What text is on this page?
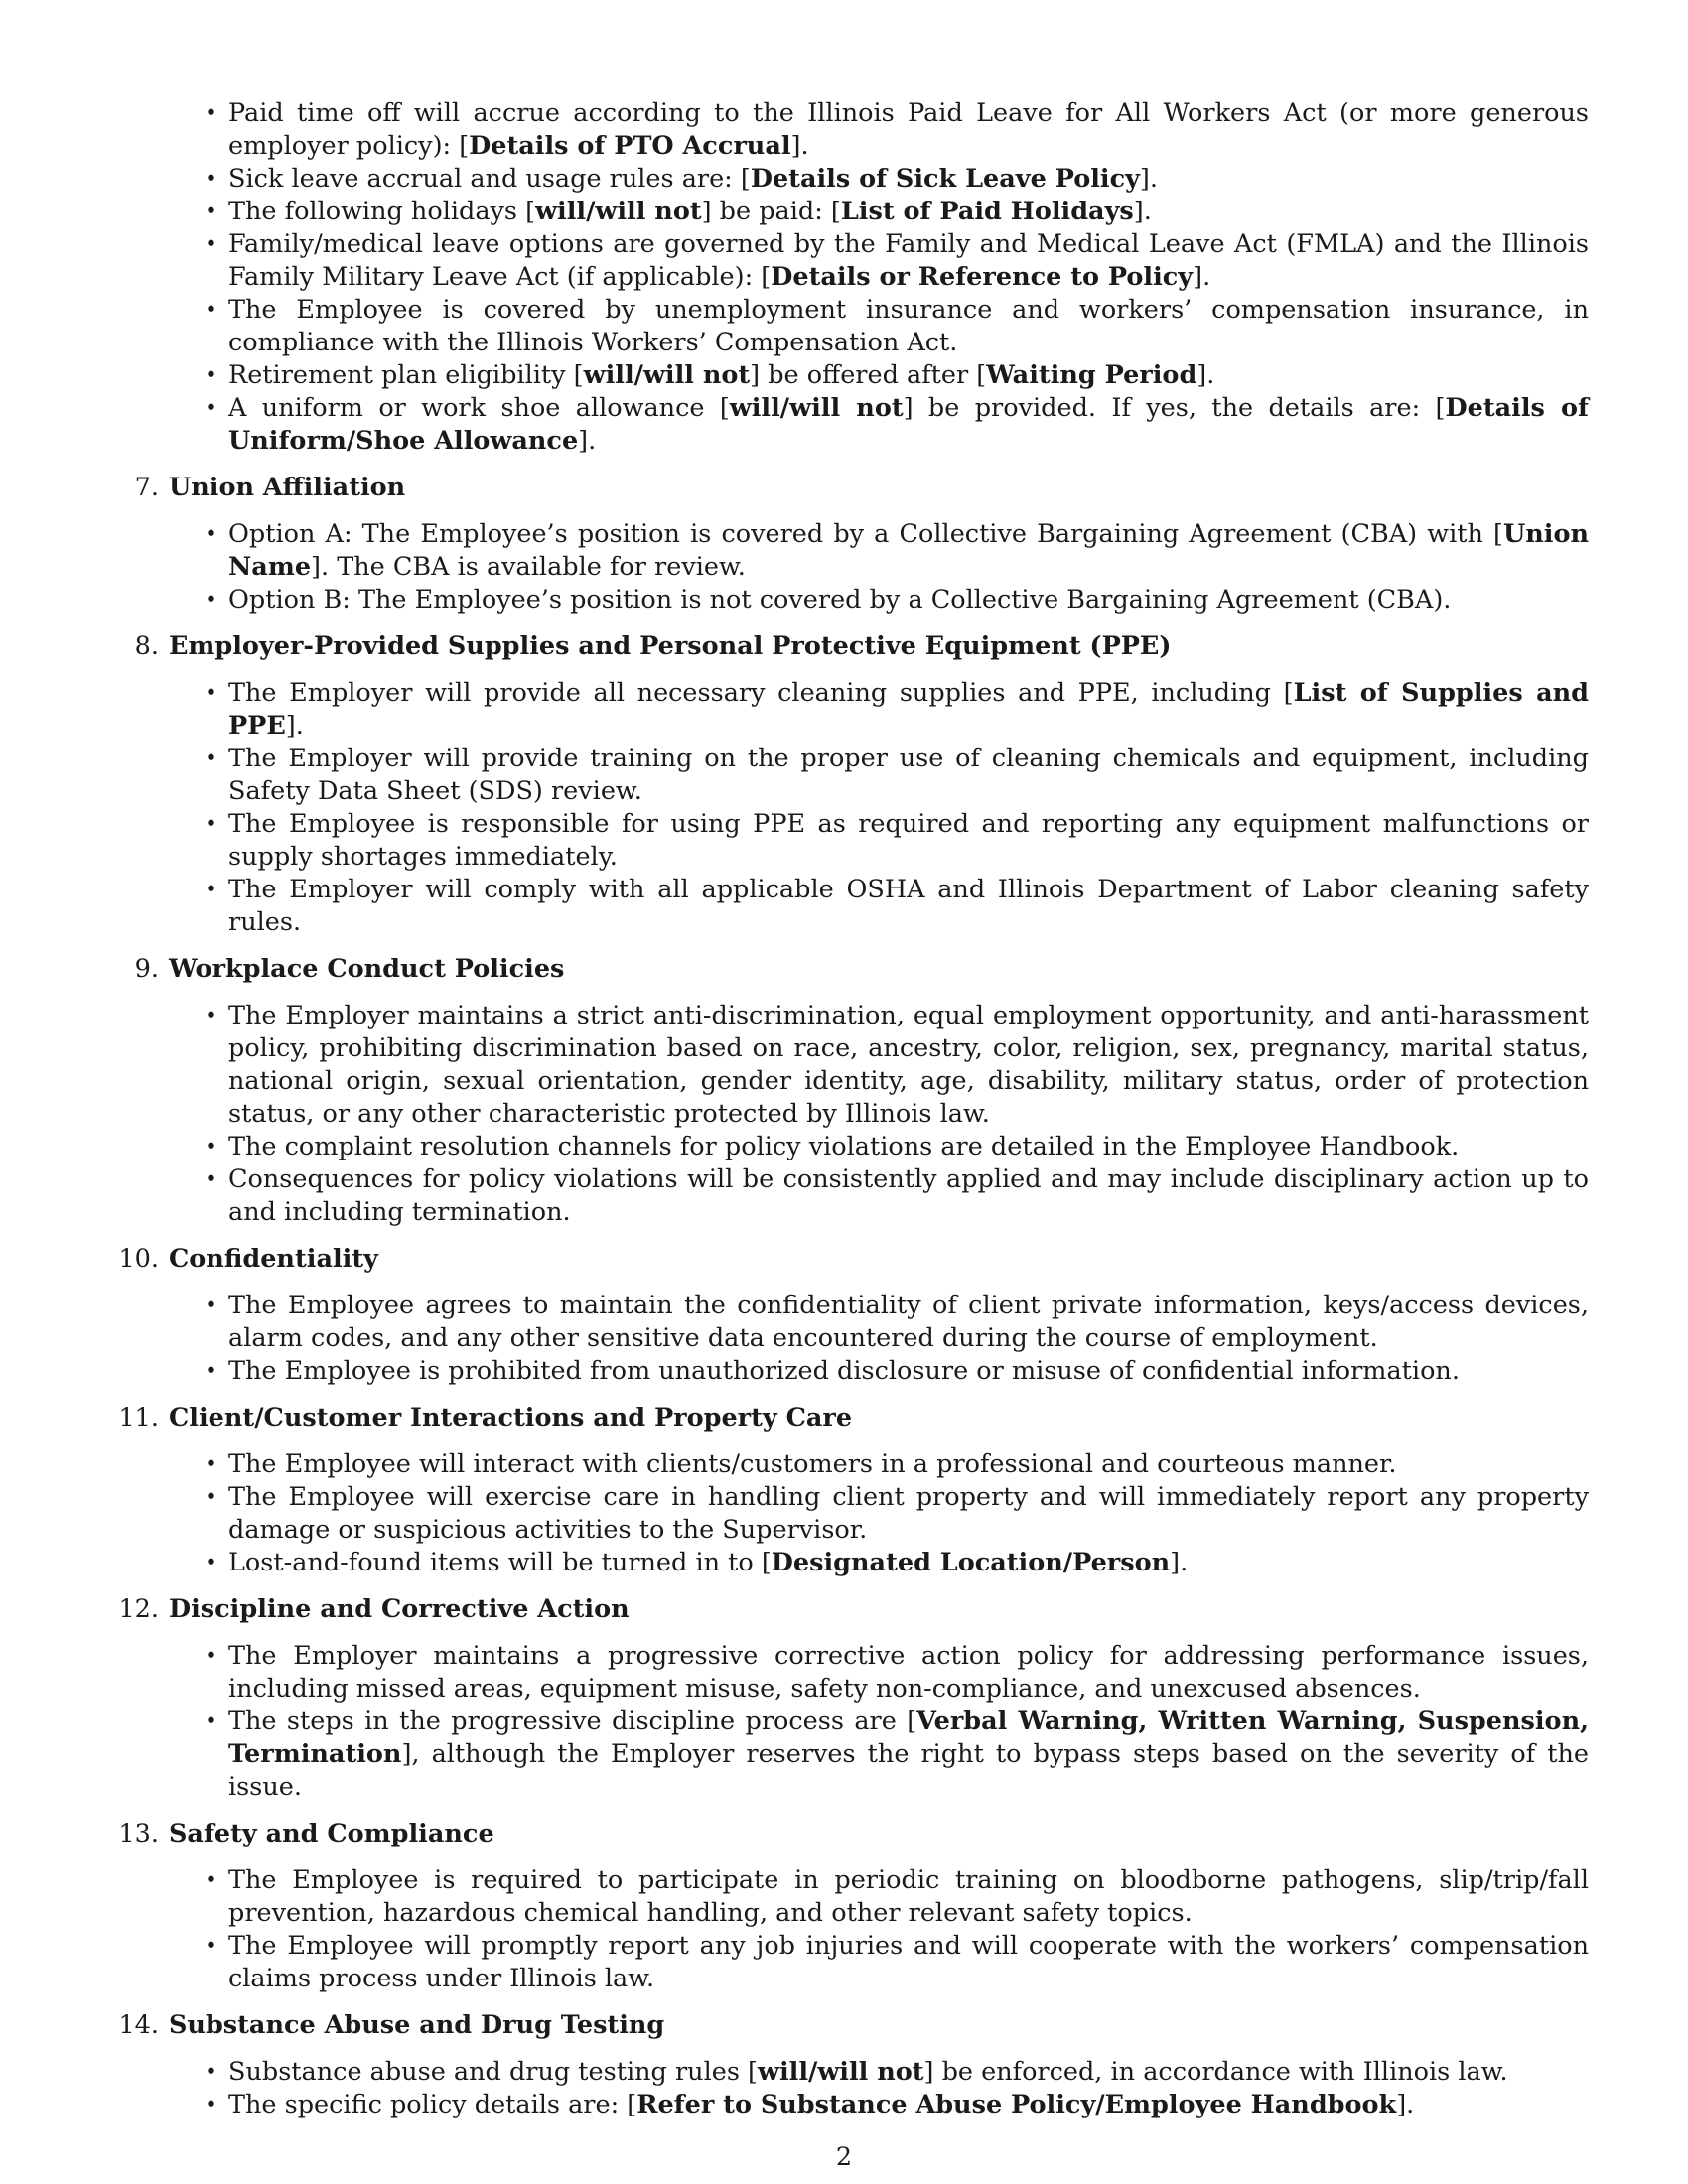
• Paid time off will accrue according to the Illinois Paid Leave for All Workers Act (or more generous employer policy): [Details of PTO Accrual].
• Sick leave accrual and usage rules are: [Details of Sick Leave Policy].
• The following holidays [will/will not] be paid: [List of Paid Holidays].
• Family/medical leave options are governed by the Family and Medical Leave Act (FMLA) and the Illinois Family Military Leave Act (if applicable): [Details or Reference to Policy].
• The Employee is covered by unemployment insurance and workers’ compensation insurance, in compliance with the Illinois Workers’ Compensation Act.
• Retirement plan eligibility [will/will not] be offered after [Waiting Period].
• A uniform or work shoe allowance [will/will not] be provided. If yes, the details are: [Details of Uniform/Shoe Allowance].
7. Union Affiliation
• Option A: The Employee’s position is covered by a Collective Bargaining Agreement (CBA) with [Union Name]. The CBA is available for review.
• Option B: The Employee’s position is not covered by a Collective Bargaining Agreement (CBA).
8. Employer-Provided Supplies and Personal Protective Equipment (PPE)
• The Employer will provide all necessary cleaning supplies and PPE, including [List of Supplies and PPE].
• The Employer will provide training on the proper use of cleaning chemicals and equipment, including Safety Data Sheet (SDS) review.
• The Employee is responsible for using PPE as required and reporting any equipment malfunctions or supply shortages immediately.
• The Employer will comply with all applicable OSHA and Illinois Department of Labor cleaning safety rules.
9. Workplace Conduct Policies
• The Employer maintains a strict anti-discrimination, equal employment opportunity, and anti-harassment policy, prohibiting discrimination based on race, ancestry, color, religion, sex, pregnancy, marital status, national origin, sexual orientation, gender identity, age, disability, military status, order of protection status, or any other characteristic protected by Illinois law.
• The complaint resolution channels for policy violations are detailed in the Employee Handbook.
• Consequences for policy violations will be consistently applied and may include disciplinary action up to and including termination.
10. Confidentiality
• The Employee agrees to maintain the confidentiality of client private information, keys/access devices, alarm codes, and any other sensitive data encountered during the course of employment.
• The Employee is prohibited from unauthorized disclosure or misuse of confidential information.
11. Client/Customer Interactions and Property Care
• The Employee will interact with clients/customers in a professional and courteous manner.
• The Employee will exercise care in handling client property and will immediately report any property damage or suspicious activities to the Supervisor.
• Lost-and-found items will be turned in to [Designated Location/Person].
12. Discipline and Corrective Action
• The Employer maintains a progressive corrective action policy for addressing performance issues, including missed areas, equipment misuse, safety non-compliance, and unexcused absences.
• The steps in the progressive discipline process are [Verbal Warning, Written Warning, Suspension, Termination], although the Employer reserves the right to bypass steps based on the severity of the issue.
13. Safety and Compliance
• The Employee is required to participate in periodic training on bloodborne pathogens, slip/trip/fall prevention, hazardous chemical handling, and other relevant safety topics.
• The Employee will promptly report any job injuries and will cooperate with the workers’ compensation claims process under Illinois law.
14. Substance Abuse and Drug Testing
• Substance abuse and drug testing rules [will/will not] be enforced, in accordance with Illinois law.
• The specific policy details are: [Refer to Substance Abuse Policy/Employee Handbook].
2
